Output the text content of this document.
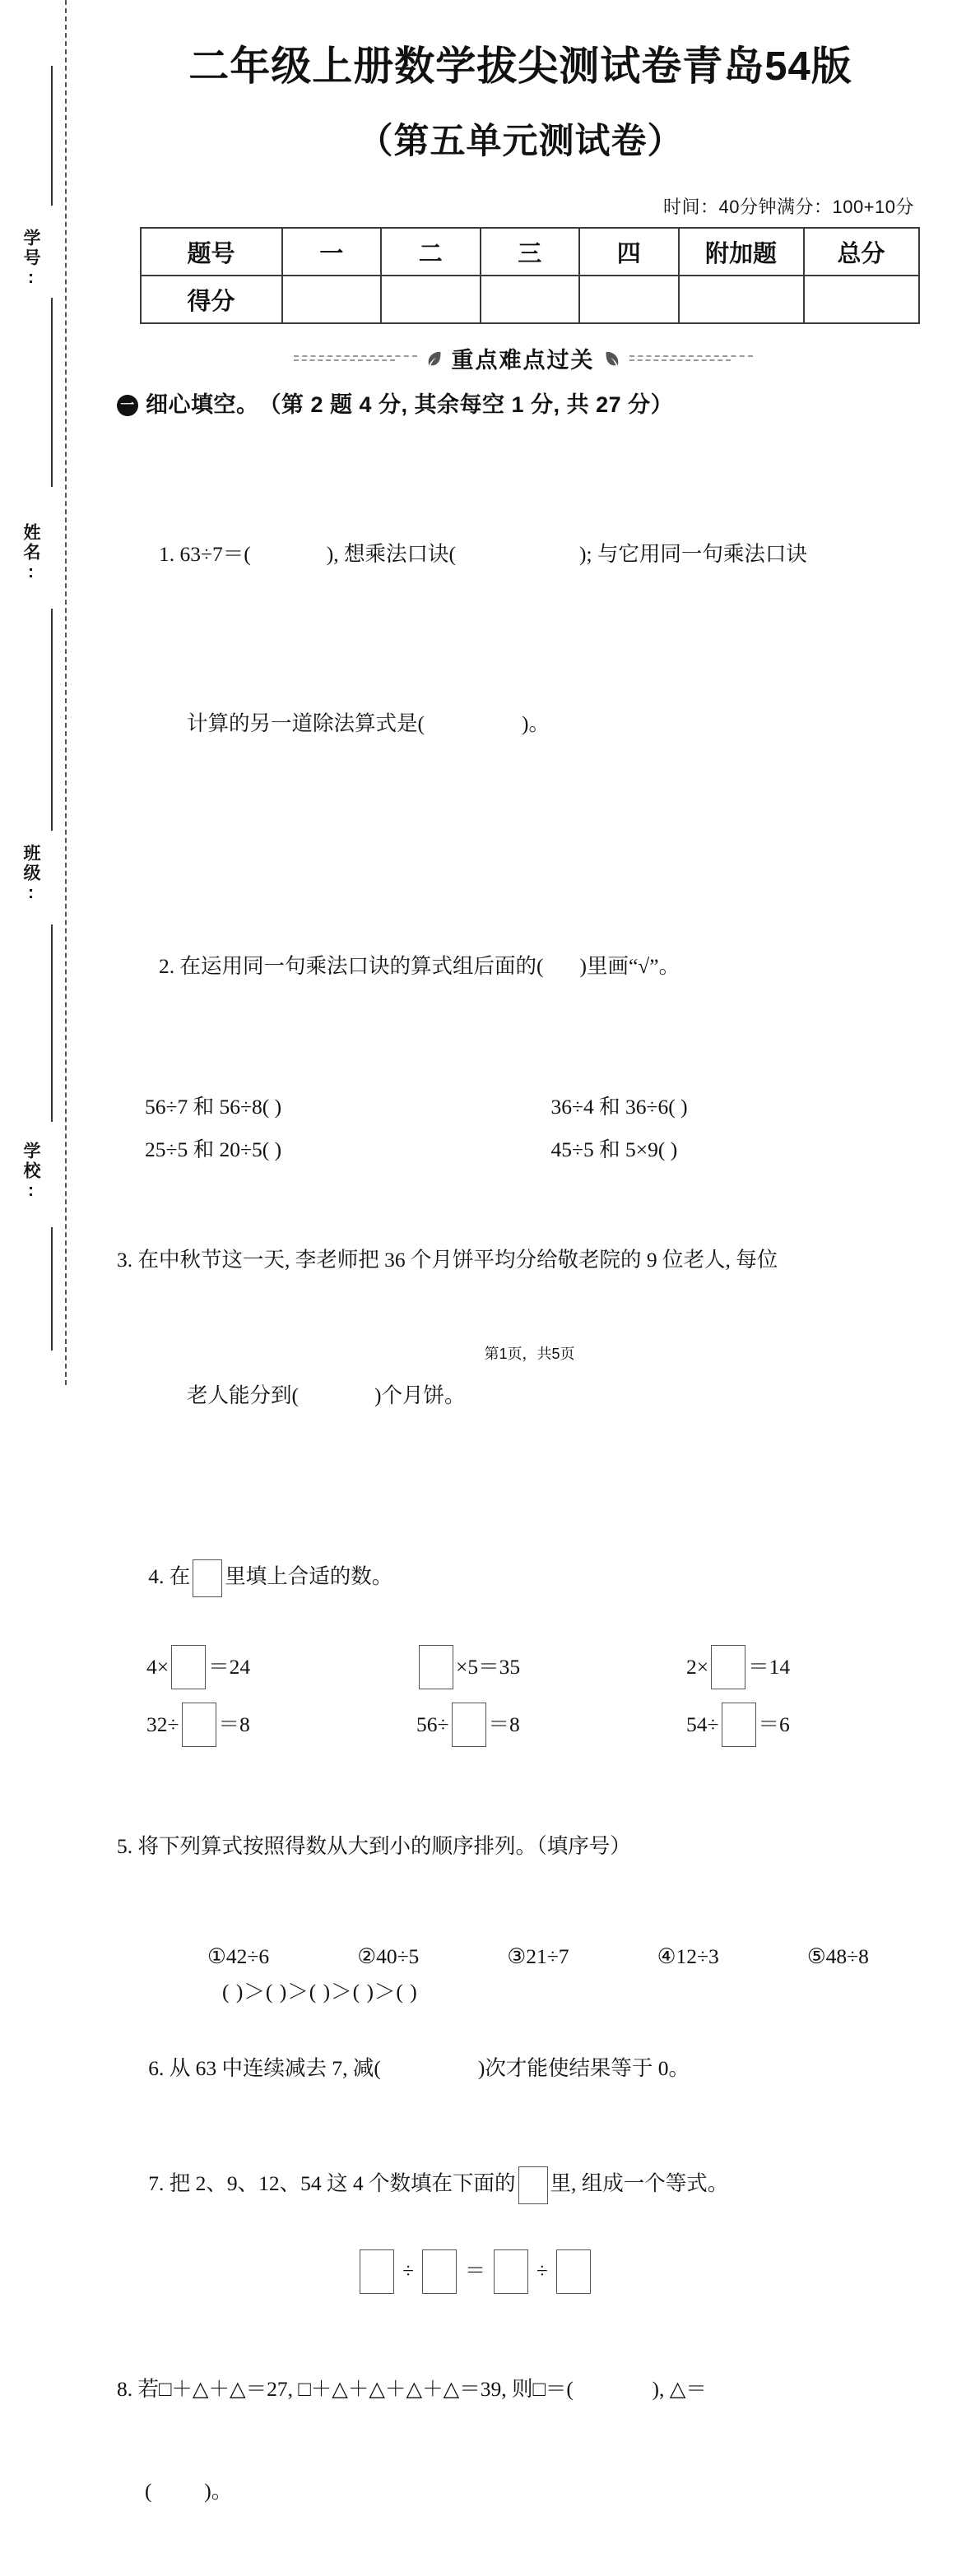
学号:
姓名:
班级:
学校:
二年级上册数学拔尖测试卷青岛54版
（第五单元测试卷）
时间：40分钟满分：100+10分
题号	一	二	三	四	附加题	总分
得分						
重点难点过关
一 细心填空。 （第 2 题 4 分, 其余每空 1 分, 共 27 分）

1. 63÷7＝(	), 想乘法口诀(	); 与它用同一句乘法口诀

计算的另一道除法算式是(	)。

2. 在运用同一句乘法口诀的算式组后面的( )里画“√”。

56÷7 和 56÷8( )	36÷4 和 36÷6( )
25÷5 和 20÷5( )	45÷5 和 5×9( )

3. 在中秋节这一天, 李老师把 36 个月饼平均分给敬老院的 9 位老人, 每位

老人能分到(	)个月饼。

4. 在 里填上合适的数。

4× ＝24	×5＝35	2× ＝14
32÷ ＝8	56÷ ＝8	54÷ ＝6

5. 将下列算式按照得数从大到小的顺序排列。（填序号）

①42÷6	②40÷5	③21÷7	④12÷3	⑤48÷8
( )＞( )＞( )＞( )＞( )

6. 从 63 中连续减去 7, 减(	)次才能使结果等于 0。

7. 把 2、9、12、54 这 4 个数填在下面的 里, 组成一个等式。

÷ ＝ ÷

8. 若□＋△＋△＝27, □＋△＋△＋△＋△＝39, 则□＝(               ), △＝

(          )。

第1页，共5页
